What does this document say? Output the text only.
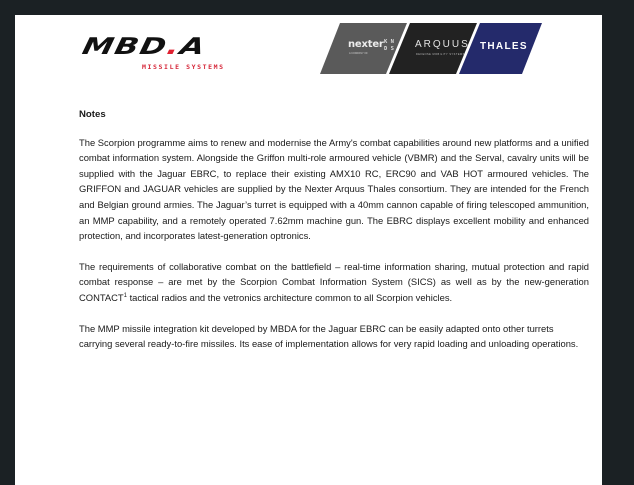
MBD.A
MISSILE SYSTEMS
nexter
A COMPANY OF
K N
D S	ARQUUS
DEFENSE MOBILITY SYSTEMS
THALES
Notes

The Scorpion programme aims to renew and modernise the Army's combat capabilities around new platforms and a unified combat information system. Alongside the Griffon multi-role armoured vehicle (VBMR) and the Serval, cavalry units will be supplied with the Jaguar EBRC, to replace their existing AMX10 RC, ERC90 and VAB HOT armoured vehicles. The GRIFFON and JAGUAR vehicles are supplied by the Nexter Arquus Thales consortium. They are intended for the French and Belgian ground armies. The Jaguar’s turret is equipped with a 40mm cannon capable of firing telescoped ammunition, an MMP capability, and a remotely operated 7.62mm machine gun. The EBRC displays excellent mobility and enhanced protection, and incorporates latest-generation optronics.

The requirements of collaborative combat on the battlefield – real-time information sharing, mutual protection and rapid combat response – are met by the Scorpion Combat Information System (SICS) as well as by the new-generation CONTACT$^1$ tactical radios and the vetronics architecture common to all Scorpion vehicles.

The MMP missile integration kit developed by MBDA for the Jaguar EBRC can be easily adapted onto other turrets carrying several ready-to-fire missiles. Its ease of implementation allows for very rapid loading and unloading operations.
